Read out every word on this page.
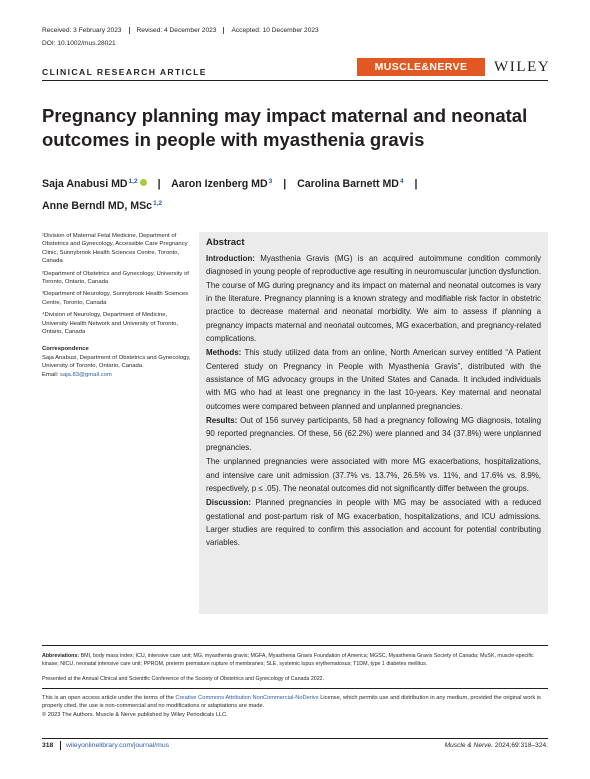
Received: 3 February 2023	Revised: 4 December 2023	Accepted: 10 December 2023
DOI: 10.1002/mus.28021
CLINICAL RESEARCH ARTICLE	MUSCLE&NERVE	WILEY
Pregnancy planning may impact maternal and neonatal outcomes in people with myasthenia gravis
Saja Anabusi MD$^{1,2}$ | Aaron Izenberg $MD^3$ | Carolina Barnett $MD^4$ |
Anne Berndl MD, MSc$^{1,2}$
¹Division of Maternal Fetal Medicine, Department of Obstetrics and Gynecology, Accessible Care Pregnancy Clinic, Sunnybrook Health Sciences Centre, Toronto, Canada
²Department of Obstetrics and Gynecology, University of Toronto, Ontario, Canada
³Department of Neurology, Sunnybrook Health Sciences Centre, Toronto, Canada
⁴Division of Neurology, Department of Medicine, University Health Network and University of Toronto, Ontario, Canada
Correspondence
Saja Anabusi, Department of Obstetrics and Gynecology, University of Toronto, Ontario, Canada.
Email: saja.83@gmail.com
Abstract

Introduction: Myasthenia Gravis (MG) is an acquired autoimmune condition commonly diagnosed in young people of reproductive age resulting in neuromuscular junction dysfunction. The course of MG during pregnancy and its impact on maternal and neonatal outcomes is vary in the literature. Pregnancy planning is a known strategy and modifiable risk factor in obstetric practice to decrease maternal and neonatal morbidity. We aim to assess if planning a pregnancy impacts maternal and neonatal outcomes, MG exacerbation, and pregnancy-related complications.

Methods: This study utilized data from an online, North American survey entitled “A Patient Centered study on Pregnancy in People with Myasthenia Gravis”, distributed with the assistance of MG advocacy groups in the United States and Canada. It included individuals with MG who had at least one pregnancy in the last 10-years. Key maternal and neonatal outcomes were compared between planned and unplanned pregnancies.

Results: Out of 156 survey participants, 58 had a pregnancy following MG diagnosis, totaling 90 reported pregnancies. Of these, 56 (62.2%) were planned and 34 (37.8%) were unplanned pregnancies.

The unplanned pregnancies were associated with more MG exacerbations, hospitalizations, and intensive care unit admission (37.7% vs. 13.7%, 26.5% vs. 11%, and 17.6% vs. 8.9%, respectively, p ≤ .05). The neonatal outcomes did not significantly differ between the groups.

Discussion: Planned pregnancies in people with MG may be associated with a reduced gestational and post-partum risk of MG exacerbation, hospitalizations, and ICU admissions. Larger studies are required to confirm this association and account for potential contributing variables.

Abbreviations: BMI, body mass index; ICU, intensive care unit; MG, myasthenia gravis; MGFA, Myasthenia Gravis Foundation of America; MGSC, Myasthenia Gravis Society of Canada; MuSK, muscle-specific kinase; NICU, neonatal intensive care unit; PPROM, preterm premature rupture of membranes; SLE, systemic lupus erythematosus; T1DM, type 1 diabetes mellitus.
Presented at the Annual Clinical and Scientific Conference of the Society of Obstetrics and Gynecology of Canada 2022.
This is an open access article under the terms of the Creative Commons Attribution NonCommercial-NoDerivs License, which permits use and distribution in any medium, provided the original work is properly cited, the use is non-commercial and no modifications or adaptations are made.
© 2023 The Authors. Muscle & Nerve published by Wiley Periodicals LLC.
318 wileyonlinelibrary.com/journal/mus	Muscle & Nerve. 2024;69:318–324.
